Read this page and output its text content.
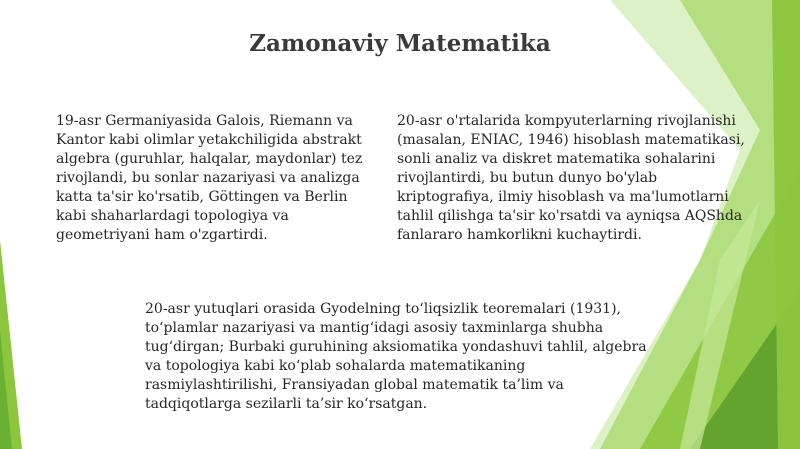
Zamonaviy Matematika

19-asr Germaniyasida Galois, Riemann va
Kantor kabi olimlar yetakchiligida abstrakt
algebra (guruhlar, halqalar, maydonlar) tez
rivojlandi, bu sonlar nazariyasi va analizga
katta ta'sir ko'rsatib, Göttingen va Berlin
kabi shaharlardagi topologiya va
geometriyani ham o'zgartirdi.

20-asr o'rtalarida kompyuterlarning rivojlanishi
(masalan, ENIAC, 1946) hisoblash matematikasi,
sonli analiz va diskret matematika sohalarini
rivojlantirdi, bu butun dunyo bo'ylab
kriptografiya, ilmiy hisoblash va ma'lumotlarni
tahlil qilishga ta'sir ko'rsatdi va ayniqsa AQShda
fanlararo hamkorlikni kuchaytirdi.

20-asr yutuqlari orasida Gyodelning to‘liqsizlik teoremalari (1931),
to‘plamlar nazariyasi va mantig‘idagi asosiy taxminlarga shubha
tug‘dirgan; Burbaki guruhining aksiomatika yondashuvi tahlil, algebra
va topologiya kabi ko‘plab sohalarda matematikaning
rasmiylashtirilishi, Fransiyadan global matematik ta’lim va
tadqiqotlarga sezilarli ta’sir ko‘rsatgan.
